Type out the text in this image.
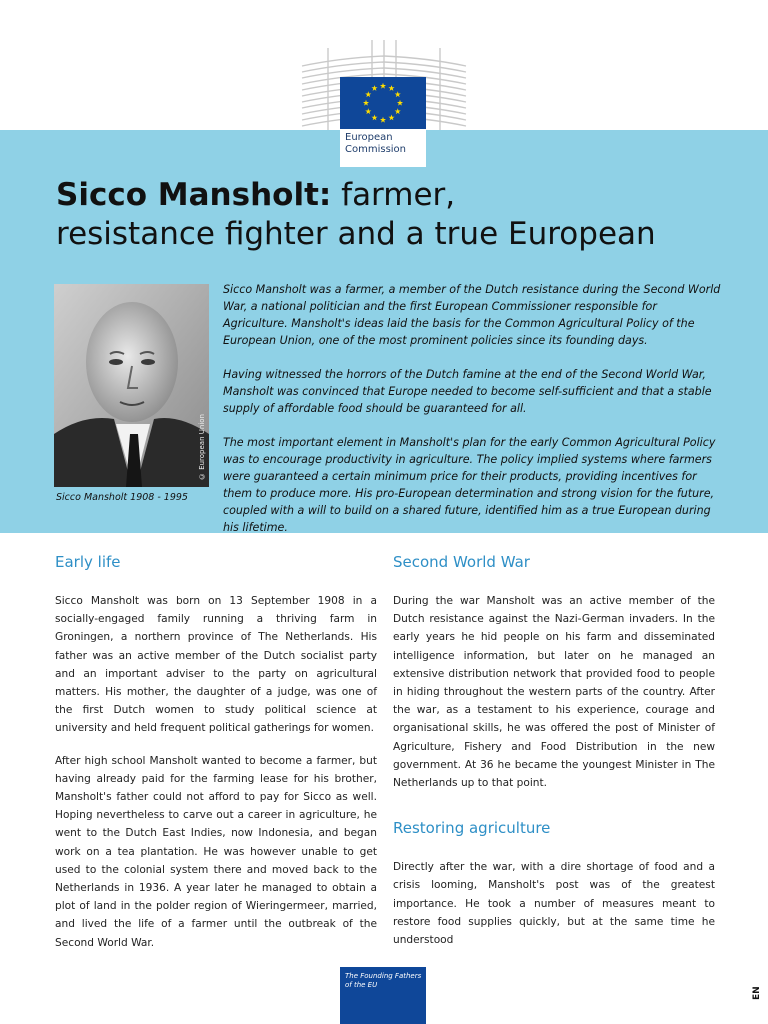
European
Commission
Sicco Mansholt: farmer,
resistance fighter and a true European
© European Union
Sicco Mansholt 1908 - 1995

Sicco Mansholt was a farmer, a member of the Dutch resistance during the Second World War, a national politician and the first European Commissioner responsible for Agriculture. Mansholt's ideas laid the basis for the Common Agricultural Policy of the European Union, one of the most prominent policies since its founding days.

Having witnessed the horrors of the Dutch famine at the end of the Second World War, Mansholt was convinced that Europe needed to become self-sufficient and that a stable supply of affordable food should be guaranteed for all.

The most important element in Mansholt's plan for the early Common Agricultural Policy was to encourage productivity in agriculture. The policy implied systems where farmers were guaranteed a certain minimum price for their products, providing incentives for them to produce more. His pro-European determination and strong vision for the future, coupled with a will to build on a shared future, identified him as a true European during his lifetime.

Early life

Sicco Mansholt was born on 13 September 1908 in a socially-engaged family running a thriving farm in Groningen, a northern province of The Netherlands. His father was an active member of the Dutch socialist party and an important adviser to the party on agricultural matters. His mother, the daughter of a judge, was one of the first Dutch women to study political science at university and held frequent political gatherings for women.

After high school Mansholt wanted to become a farmer, but having already paid for the farming lease for his brother, Mansholt's father could not afford to pay for Sicco as well. Hoping nevertheless to carve out a career in agriculture, he went to the Dutch East Indies, now Indonesia, and began work on a tea plantation. He was however unable to get used to the colonial system there and moved back to the Netherlands in 1936. A year later he managed to obtain a plot of land in the polder region of Wieringermeer, married, and lived the life of a farmer until the outbreak of the Second World War.

Second World War

During the war Mansholt was an active member of the Dutch resistance against the Nazi-German invaders. In the early years he hid people on his farm and disseminated intelligence information, but later on he managed an extensive distribution network that provided food to people in hiding throughout the western parts of the country. After the war, as a testament to his experience, courage and organisational skills, he was offered the post of Minister of Agriculture, Fishery and Food Distribution in the new government. At 36 he became the youngest Minister in The Netherlands up to that point.

Restoring agriculture

Directly after the war, with a dire shortage of food and a crisis looming, Mansholt's post was of the greatest importance. He took a number of measures meant to restore food supplies quickly, but at the same time he understood

The Founding Fathers
of the EU
EN
